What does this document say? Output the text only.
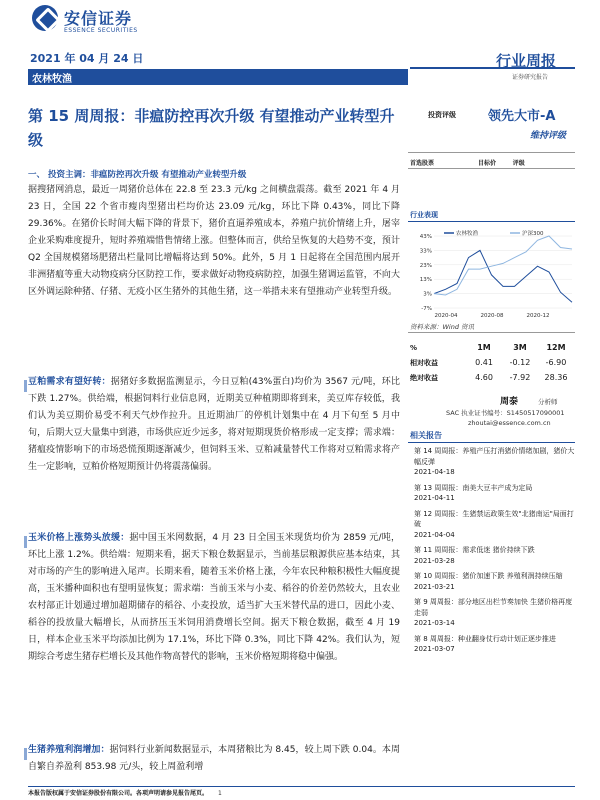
安信证券
ESSENCE SECURITIES
2021 年 04 月 24 日
农林牧渔
行业周报
证券研究报告
第 15 周周报：非瘟防控再次升级 有望推动产业转型升级
投资评级 领先大市-A
维持评级
首选股票	目标价	评级
一、 投资主调：非瘟防控再次升级 有望推动产业转型升级
据搜猪网消息，最近一周猪价总体在 22.8 至 23.3 元/kg 之间横盘震荡。截至 2021 年 4 月 23 日，全国 22 个省市瘦肉型猪出栏均价达 23.09 元/kg，环比下降 0.43%，同比下降 29.36%。在猪价长时间大幅下降的背景下，猪价直逼养殖成本，养殖户抗价情绪上升，屠宰企业采购难度提升，短时养殖端惜售情绪上涨。但整体而言，供给呈恢复的大趋势不变，预计 Q2 全国规模猪场肥猪出栏量同比增幅将达到 50%。此外，5 月 1 日起将在全国范围内展开非洲猪瘟等重大动物疫病分区防控工作，要求做好动物疫病防控，加强生猪调运监管，不向大区外调运除种猪、仔猪、无疫小区生猪外的其他生猪，这一举措未来有望推动产业转型升级。
豆粕需求有望好转：据猪好多数据监测显示，今日豆粕(43%蛋白)均价为 3567 元/吨，环比下跌 1.27%。供给端，根据饲料行业信息网，近期美豆种植期即将到来，美豆库存较低，我们认为美豆期价易受不利天气炒作拉升。且近期油厂的停机计划集中在 4 月下旬至 5 月中旬，后期大豆大量集中到港，市场供应近少远多，将对短期现货价格形成一定支撑；需求端：猪瘟疫情影响下的市场恐慌预期逐渐减少，但饲料玉米、豆粕减量替代工作将对豆粕需求将产生一定影响，豆粕价格短期预计仍将震荡偏弱。
玉米价格上涨势头放缓：据中国玉米网数据，4 月 23 日全国玉米现货均价为 2859 元/吨，环比上涨 1.2%。供给端：短期来看，据天下粮仓数据显示，当前基层粮源供应基本结束，其对市场的产生的影响进入尾声。长期来看，随着玉米价格上涨，今年农民种粮积极性大幅度提高，玉米播种面积也有望明显恢复；需求端：当前玉米与小麦、稻谷的价差仍然较大，且农业农村部正计划通过增加超期储存的稻谷、小麦投放，适当扩大玉米替代品的进口，因此小麦、稻谷的投放量大幅增长，从而挤压玉米饲用消费增长空间。据天下粮仓数据，截至 4 月 19 日，样本企业玉米平均添加比例为 17.1%，环比下降 0.3%，同比下降 42%。我们认为，短期综合考虑生猪存栏增长及其他作物高替代的影响，玉米价格短期将稳中偏强。
生猪养殖利润增加：据饲料行业新闻数据显示，本周猪粮比为 8.45，较上周下跌 0.04。本周自繁自养盈利 853.98 元/头，较上周盈利增
行业表现
43%
33%
23%
13%
3%
-7%
2020-04	2020-08	2020-12
农林牧渔	沪深300
资料来源：Wind 资讯
%	1M	3M	12M
相对收益	0.41	-0.12	-6.90
绝对收益	4.60	-7.92	28.36
周泰	分析师
SAC 执业证书编号：S1450517090001
zhoutai@essence.com.cn
相关报告
第 14 周周报：养殖产压打消猪价情绪加剧，猪价大幅反弹
2021-04-18
第 13 周周报：南美大豆丰产成为定局
2021-04-11
第 12 周周报：生猪禁运政策生效"北猪南运"局面打破
2021-04-04
第 11 周周报：需求低迷 猪价持续下跌
2021-03-28
第 10 周周报：猪价加速下跌 养殖利润持续压缩
2021-03-21
第 9 周周报：部分地区出栏节奏加快 生猪价格再度走弱
2021-03-14
第 8 周周报：种业翻身仗行动计划正逐步推进
2021-03-07
本报告版权属于安信证券股份有限公司。各项声明请参见报告尾页。 1
